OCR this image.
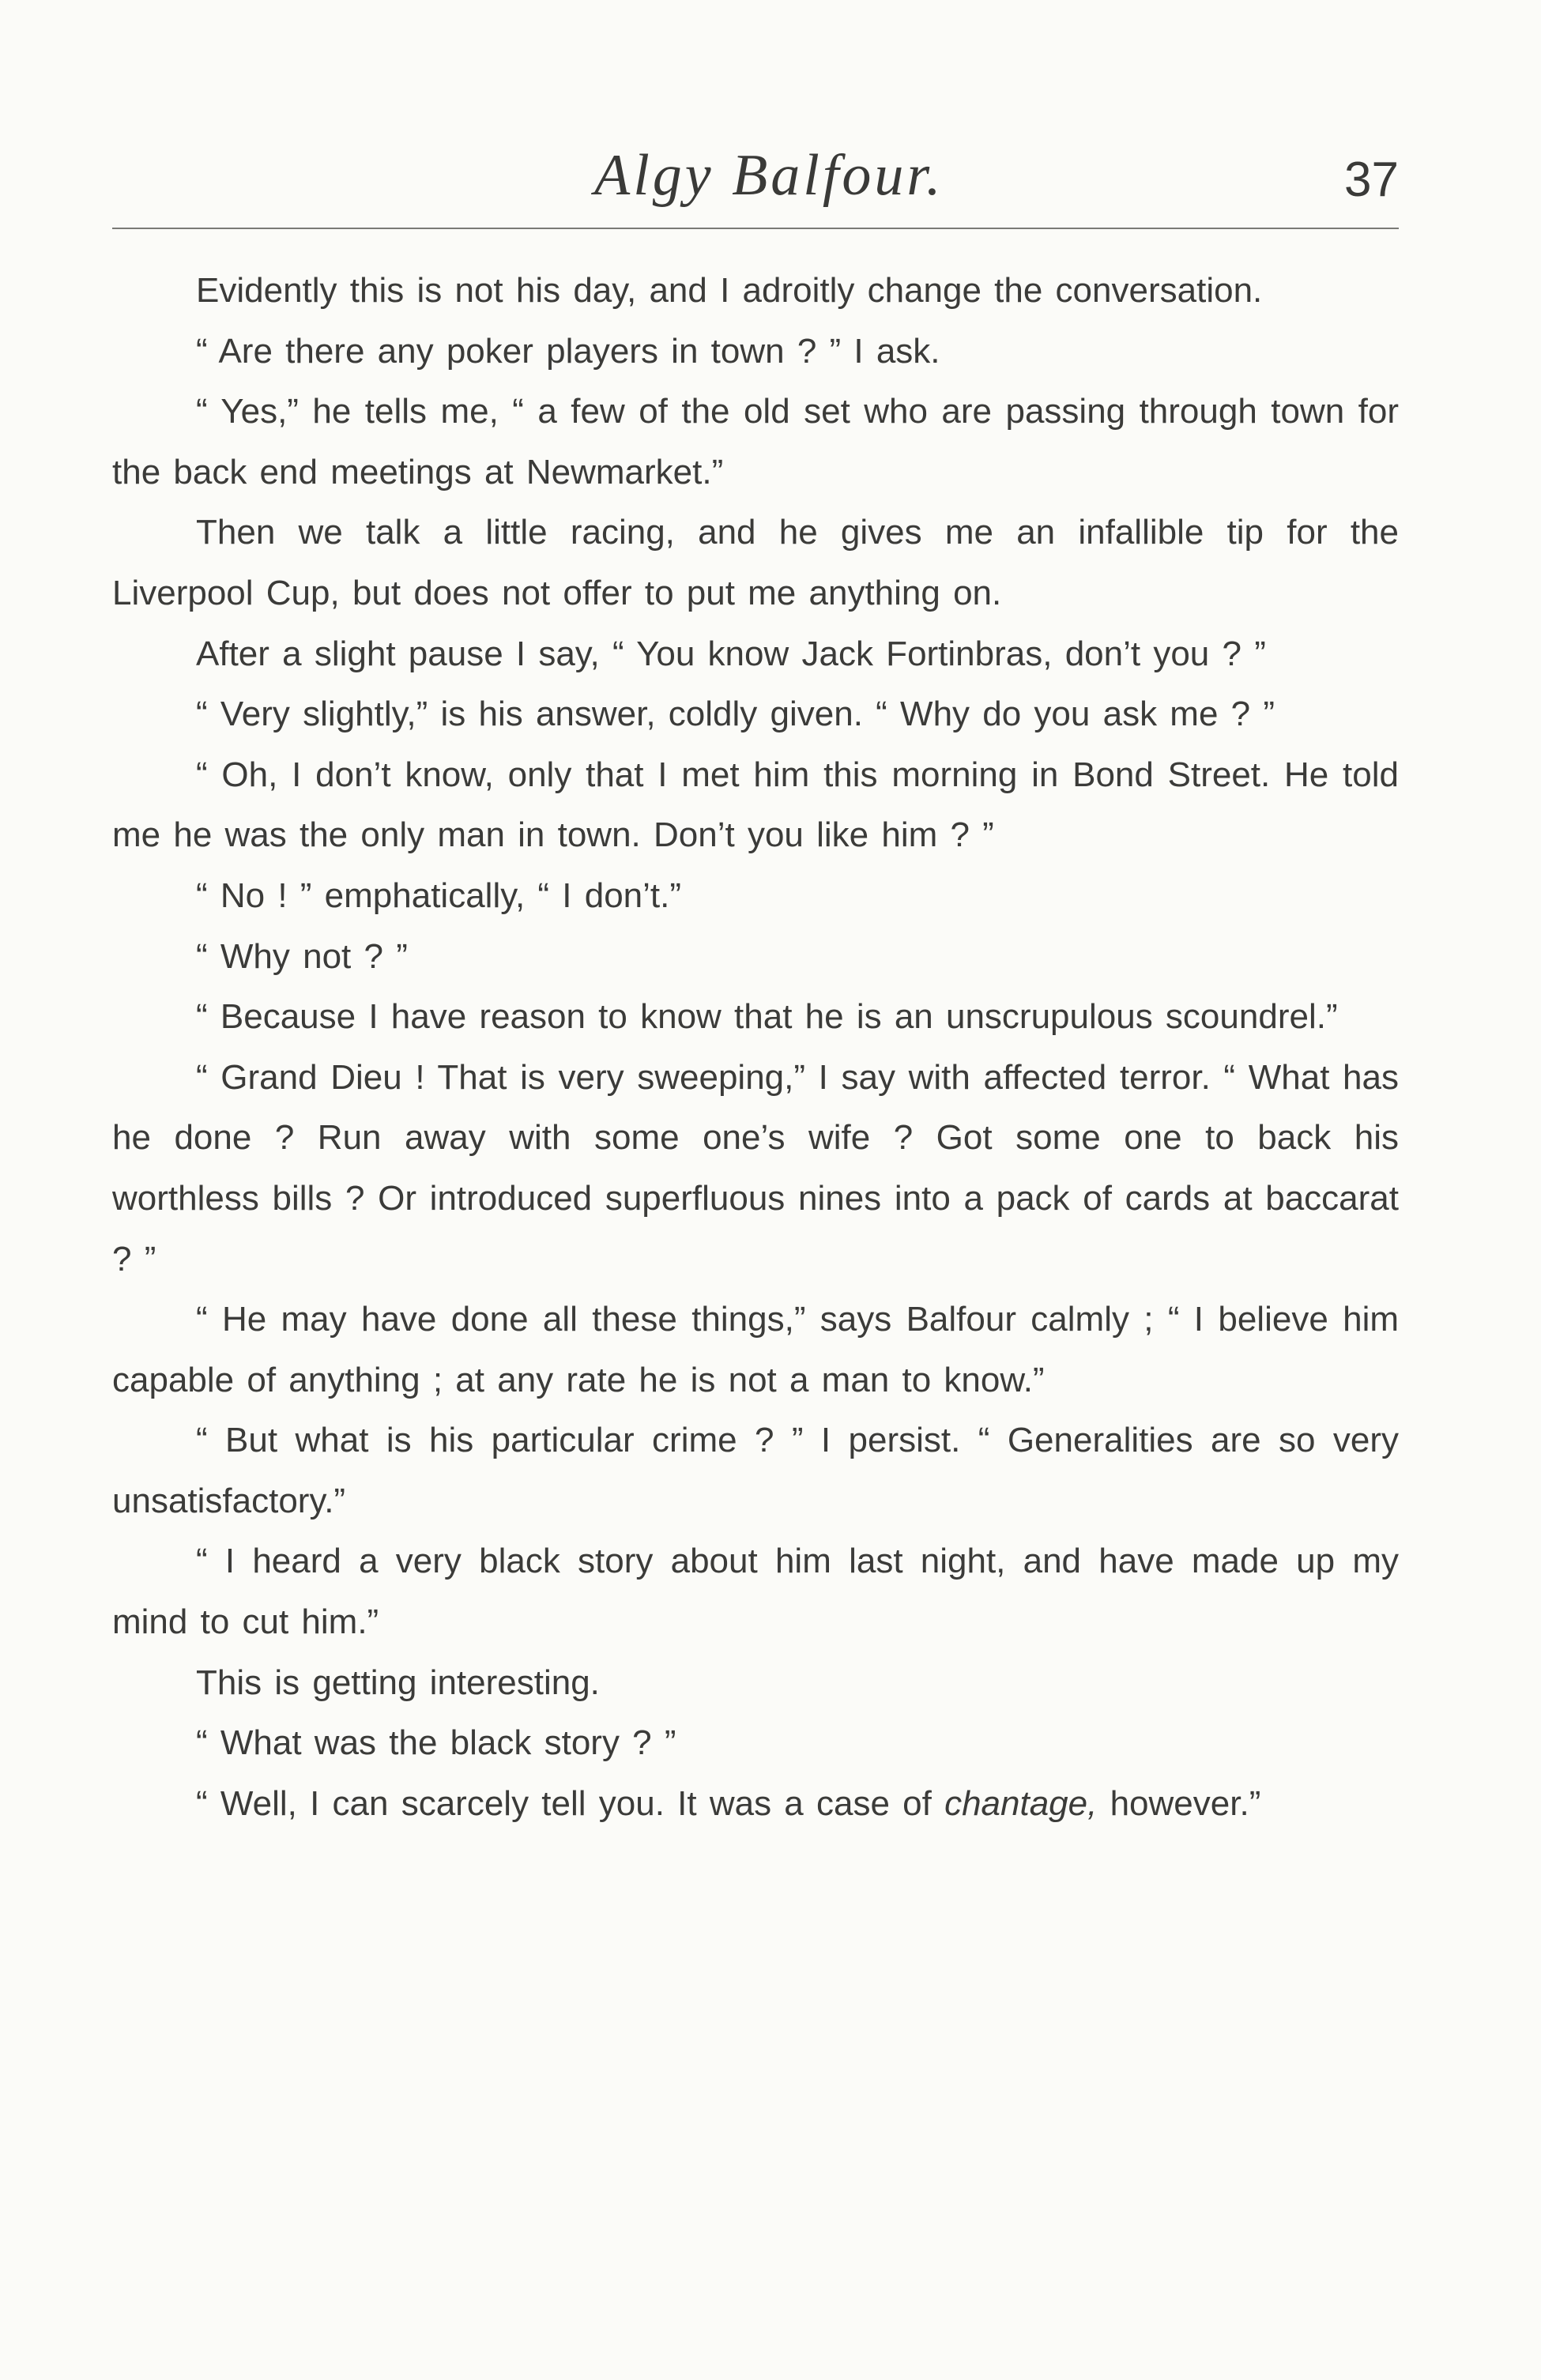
Algy Balfour.	37

Evidently this is not his day, and I adroitly change the conversation.

“ Are there any poker players in town ? ” I ask.

“ Yes,” he tells me, “ a few of the old set who are passing through town for the back end meetings at Newmarket.”

Then we talk a little racing, and he gives me an infallible tip for the Liverpool Cup, but does not offer to put me anything on.

After a slight pause I say, “ You know Jack Fortinbras, don’t you ? ”

“ Very slightly,” is his answer, coldly given. “ Why do you ask me ? ”

“ Oh, I don’t know, only that I met him this morning in Bond Street. He told me he was the only man in town. Don’t you like him ? ”

“ No ! ” emphatically, “ I don’t.”

“ Why not ? ”

“ Because I have reason to know that he is an unscrupulous scoundrel.”

“ Grand Dieu ! That is very sweeping,” I say with affected terror. “ What has he done ? Run away with some one’s wife ? Got some one to back his worthless bills ? Or introduced superfluous nines into a pack of cards at baccarat ? ”

“ He may have done all these things,” says Balfour calmly ; “ I believe him capable of anything ; at any rate he is not a man to know.”

“ But what is his particular crime ? ” I persist. “ Generalities are so very unsatisfactory.”

“ I heard a very black story about him last night, and have made up my mind to cut him.”

This is getting interesting.

“ What was the black story ? ”

“ Well, I can scarcely tell you. It was a case of chantage, however.”
